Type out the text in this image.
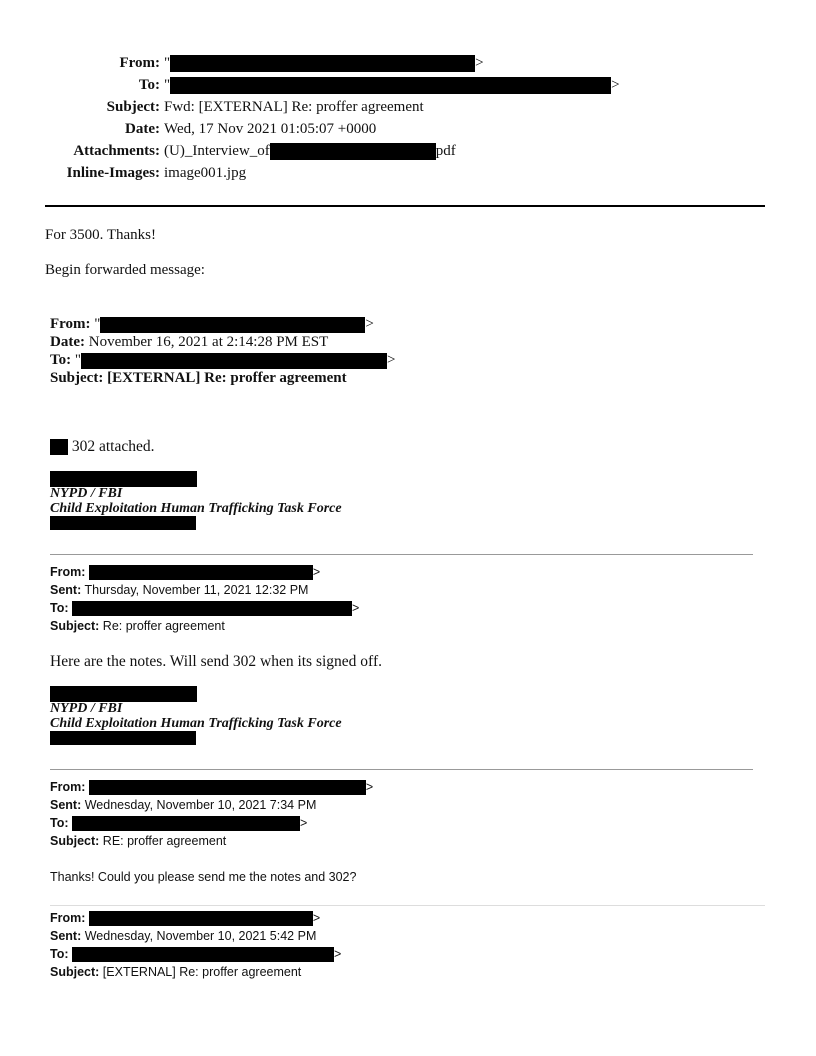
From: "	>
To: "	>
Subject: Fwd: [EXTERNAL] Re: proffer agreement
Date: Wed, 17 Nov 2021 01:05:07 +0000
Attachments: (U)_Interview_of	pdf
Inline-Images: image001.jpg
For 3500. Thanks!
Begin forwarded message:
From: "	>
Date: November 16, 2021 at 2:14:28 PM EST
To: "	>
Subject: [EXTERNAL] Re: proffer agreement
302 attached.
NYPD / FBI
Child Exploitation Human Trafficking Task Force
From:	>
Sent: Thursday, November 11, 2021 12:32 PM
To:	>
Subject: Re: proffer agreement
Here are the notes. Will send 302 when its signed off.
NYPD / FBI
Child Exploitation Human Trafficking Task Force
From:	>
Sent: Wednesday, November 10, 2021 7:34 PM
To:	>
Subject: RE: proffer agreement
Thanks! Could you please send me the notes and 302?
From:	>
Sent: Wednesday, November 10, 2021 5:42 PM
To:	>
Subject: [EXTERNAL] Re: proffer agreement
